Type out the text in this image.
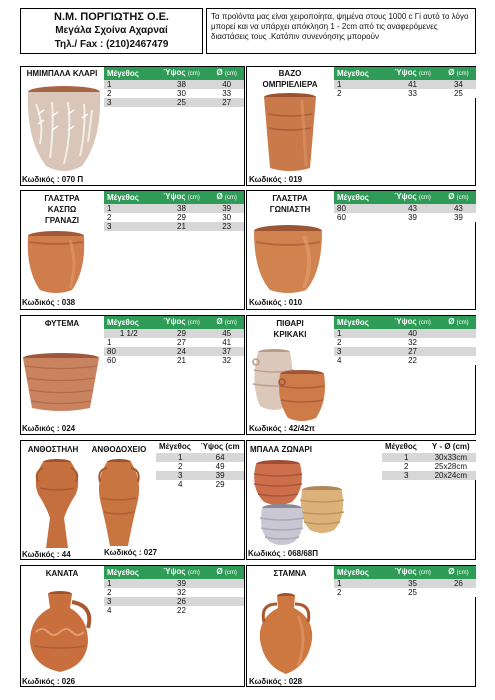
Ν.Μ. ΠΟΡΓΙΩΤΗΣ Ο.Ε.
Μεγάλα Σχοίνα Αχαρναί
Τηλ./ Fax : (210)2467479
Τα προϊόντα μας είναι χειροποίητα, ψημένα στους 1000 c Γί αυτό το λόγο μπορεί και να υπάρχει απόκληση 1 - 2cm από τις αναφερόμενες διαστάσεις τους .Κατόπιν συνενόησης μπορούν
ΗΜΙΜΠΑΛΑ ΚΛΑΡΙ	Μέγεθος	Ύψος (cm)	Ø (cm)
1	38	40
2	30	33
3	25	27
Κωδικός : 070 Π
ΒΑΖΟ
ΟΜΠΡΙΕΛΙΕΡΑ
Μέγεθος	Ύψος (cm)	Ø (cm)
1	41	34
2	33	25
Κωδικός : 019
ΓΛΑΣΤΡΑ
ΚΑΣΠΩ
ΓΡΑΝΑΖΙ
Μέγεθος	Ύψος (cm)	Ø (cm)
1	38	39
2	29	30
3	21	23
Κωδικός : 038
ΓΛΑΣΤΡΑ
ΓΩΝΙΑΣΤΗ
Μέγεθος	Ύψος (cm)	Ø (cm)
80	43	43
60	39	39
Κωδικός : 010
ΦΥΤΕΜΑ	Μέγεθος	Ύψος (cm)	Ø (cm)
1 1/2	29	45
1	27	41
80	24	37
60	21	32
Κωδικός : 024
ΠΙΘΑΡΙ
ΚΡΙΚΑΚΙ
Μέγεθος	Ύψος (cm)	Ø (cm)
1	40	
2	32	
3	27	
4	22	
Κωδικός : 42/42π
ΑΝΘΟΣΤΗΛΗ	ΑΝΘΟΔΟΧΕΙΟ	Μέγεθος	Ύψος (cm
1	64
2	49
3	39
4	29
Κωδικός : 44	Κωδικός : 027
ΜΠΑΛΑ ΖΩΝΑΡΙ	Μέγεθος	Υ - Ø (cm)
1	30x33cm
2	25x28cm
3	20x24cm
Κωδικός : 068/68Π
ΚΑΝΑΤΑ	Μέγεθος	Ύψος (cm)	Ø (cm)
1	39	
2	32	
3	26	
4	22	
Κωδικός : 026
ΣΤΑΜΝΑ	Μέγεθος	Ύψος (cm)	Ø (cm)
1	35	26
2	25	
Κωδικός : 028
